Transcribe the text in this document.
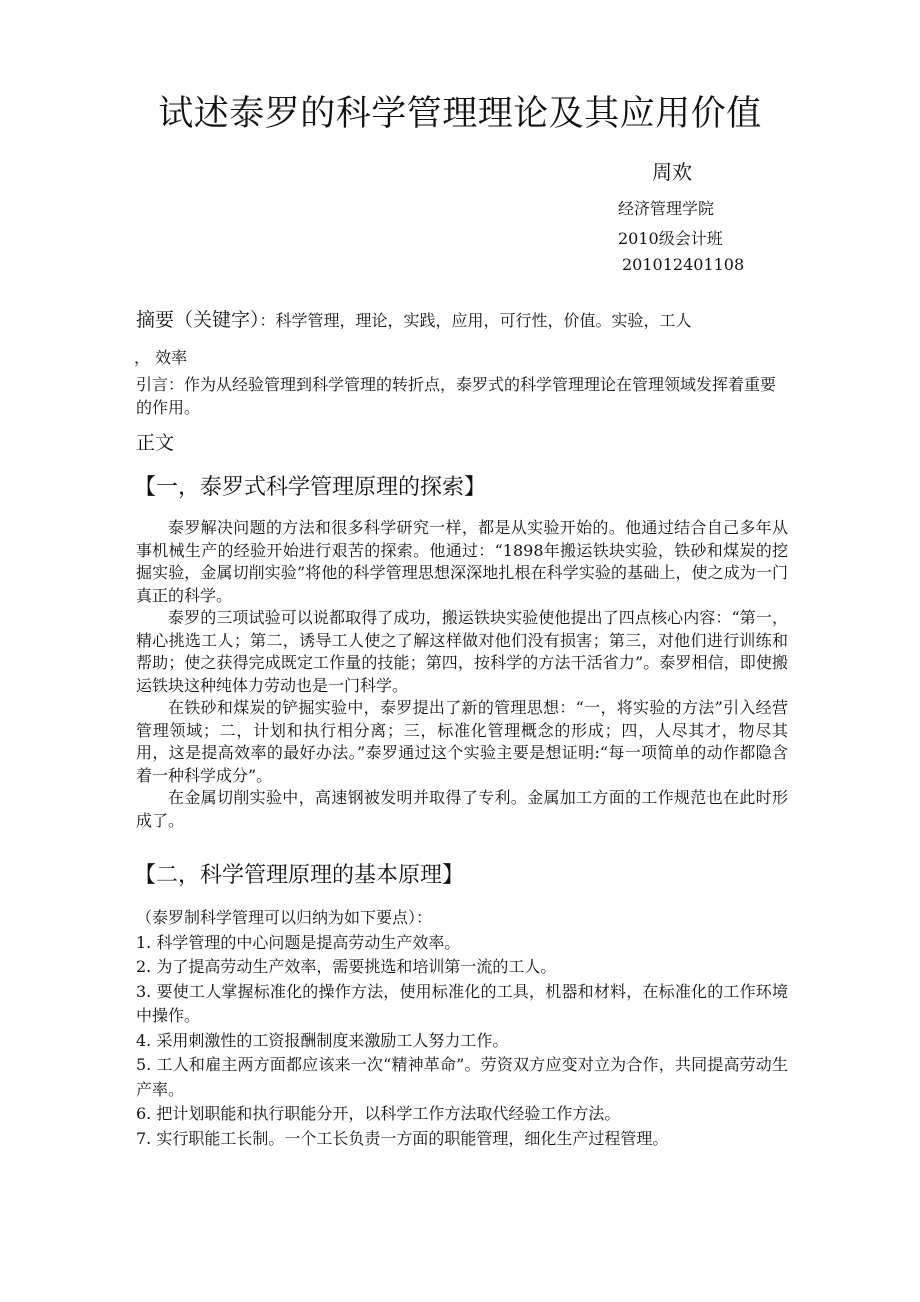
试述泰罗的科学管理理论及其应用价值
周欢
经济管理学院
2010级会计班
201012401108
摘要（关键字）：科学管理，理论，实践，应用，可行性，价值。实验，工人
， 效率
引言：作为从经验管理到科学管理的转折点，泰罗式的科学管理理论在管理领域发挥着重要的作用。
正文
【一，泰罗式科学管理原理的探索】

泰罗解决问题的方法和很多科学研究一样，都是从实验开始的。他通过结合自己多年从事机械生产的经验开始进行艰苦的探索。他通过：“1898年搬运铁块实验，铁砂和煤炭的挖掘实验，金属切削实验”将他的科学管理思想深深地扎根在科学实验的基础上，使之成为一门真正的科学。

泰罗的三项试验可以说都取得了成功，搬运铁块实验使他提出了四点核心内容：“第一，精心挑选工人；第二，诱导工人使之了解这样做对他们没有损害；第三，对他们进行训练和帮助；使之获得完成既定工作量的技能；第四，按科学的方法干活省力”。泰罗相信，即使搬运铁块这种纯体力劳动也是一门科学。

在铁砂和煤炭的铲掘实验中，泰罗提出了新的管理思想：“一，将实验的方法”引入经营管理领域；二，计划和执行相分离；三，标准化管理概念的形成；四，人尽其才，物尽其用，这是提高效率的最好办法。”泰罗通过这个实验主要是想证明:“每一项简单的动作都隐含着一种科学成分”。

在金属切削实验中，高速钢被发明并取得了专利。金属加工方面的工作规范也在此时形成了。

【二，科学管理原理的基本原理】

（泰罗制科学管理可以归纳为如下要点）：

1. 科学管理的中心问题是提高劳动生产效率。

2. 为了提高劳动生产效率，需要挑选和培训第一流的工人。

3. 要使工人掌握标准化的操作方法，使用标准化的工具，机器和材料，在标准化的工作环境中操作。

4. 采用刺激性的工资报酬制度来激励工人努力工作。

5. 工人和雇主两方面都应该来一次“精神革命”。劳资双方应变对立为合作，共同提高劳动生产率。

6. 把计划职能和执行职能分开，以科学工作方法取代经验工作方法。

7. 实行职能工长制。一个工长负责一方面的职能管理，细化生产过程管理。
